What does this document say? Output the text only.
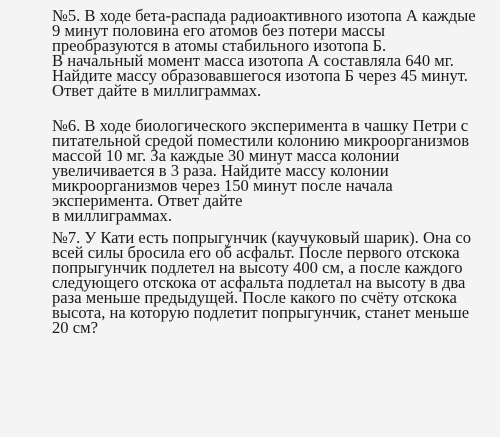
№5. В ходе бета-распада радиоактивного изотопа А каждые
9 минут половина его атомов без потери массы
преобразуются в атомы стабильного изотопа Б.
В начальный момент масса изотопа А составляла 640 мг.
Найдите массу образовавшегося изотопа Б через 45 минут.
Ответ дайте в миллиграммах.
№6. В ходе биологического эксперимента в чашку Петри с
питательной средой поместили колонию микроорганизмов
массой 10 мг. За каждые 30 минут масса колонии
увеличивается в 3 раза. Найдите массу колонии
микроорганизмов через 150 минут после начала
эксперимента. Ответ дайте
в миллиграммах.
№7. У Кати есть попрыгунчик (каучуковый шарик). Она со
всей силы бросила его об асфальт. После первого отскока
попрыгунчик подлетел на высоту 400 см, а после каждого
следующего отскока от асфальта подлетал на высоту в два
раза меньше предыдущей. После какого по счёту отскока
высота, на которую подлетит попрыгунчик, станет меньше
20 см?
